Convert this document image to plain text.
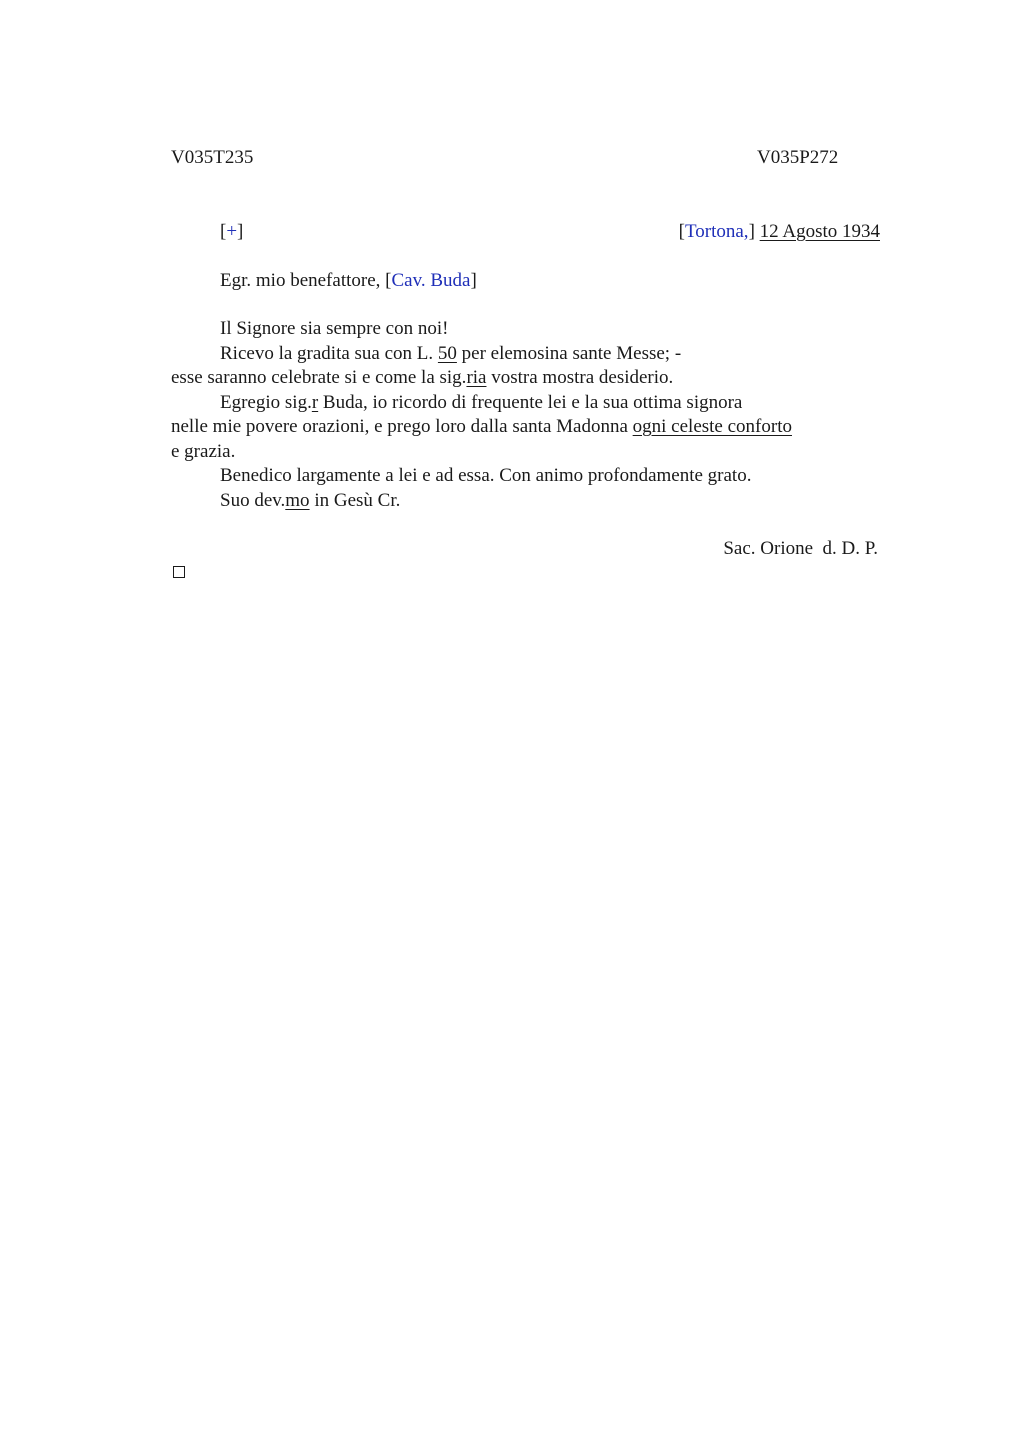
V035T235	V035P272
[+]	[Tortona,] 12 Agosto 1934
Egr. mio benefattore, [Cav. Buda]
Il Signore sia sempre con noi!
Ricevo la gradita sua con L. 50 per elemosina sante Messe; -
esse saranno celebrate si e come la sig.ria vostra mostra desiderio.
Egregio sig.r Buda, io ricordo di frequente lei e la sua ottima signora
nelle mie povere orazioni, e prego loro dalla santa Madonna ogni celeste conforto
e grazia.
Benedico largamente a lei e ad essa. Con animo profondamente grato.
Suo dev.mo in Gesù Cr.
Sac. Orione  d. D. P.
